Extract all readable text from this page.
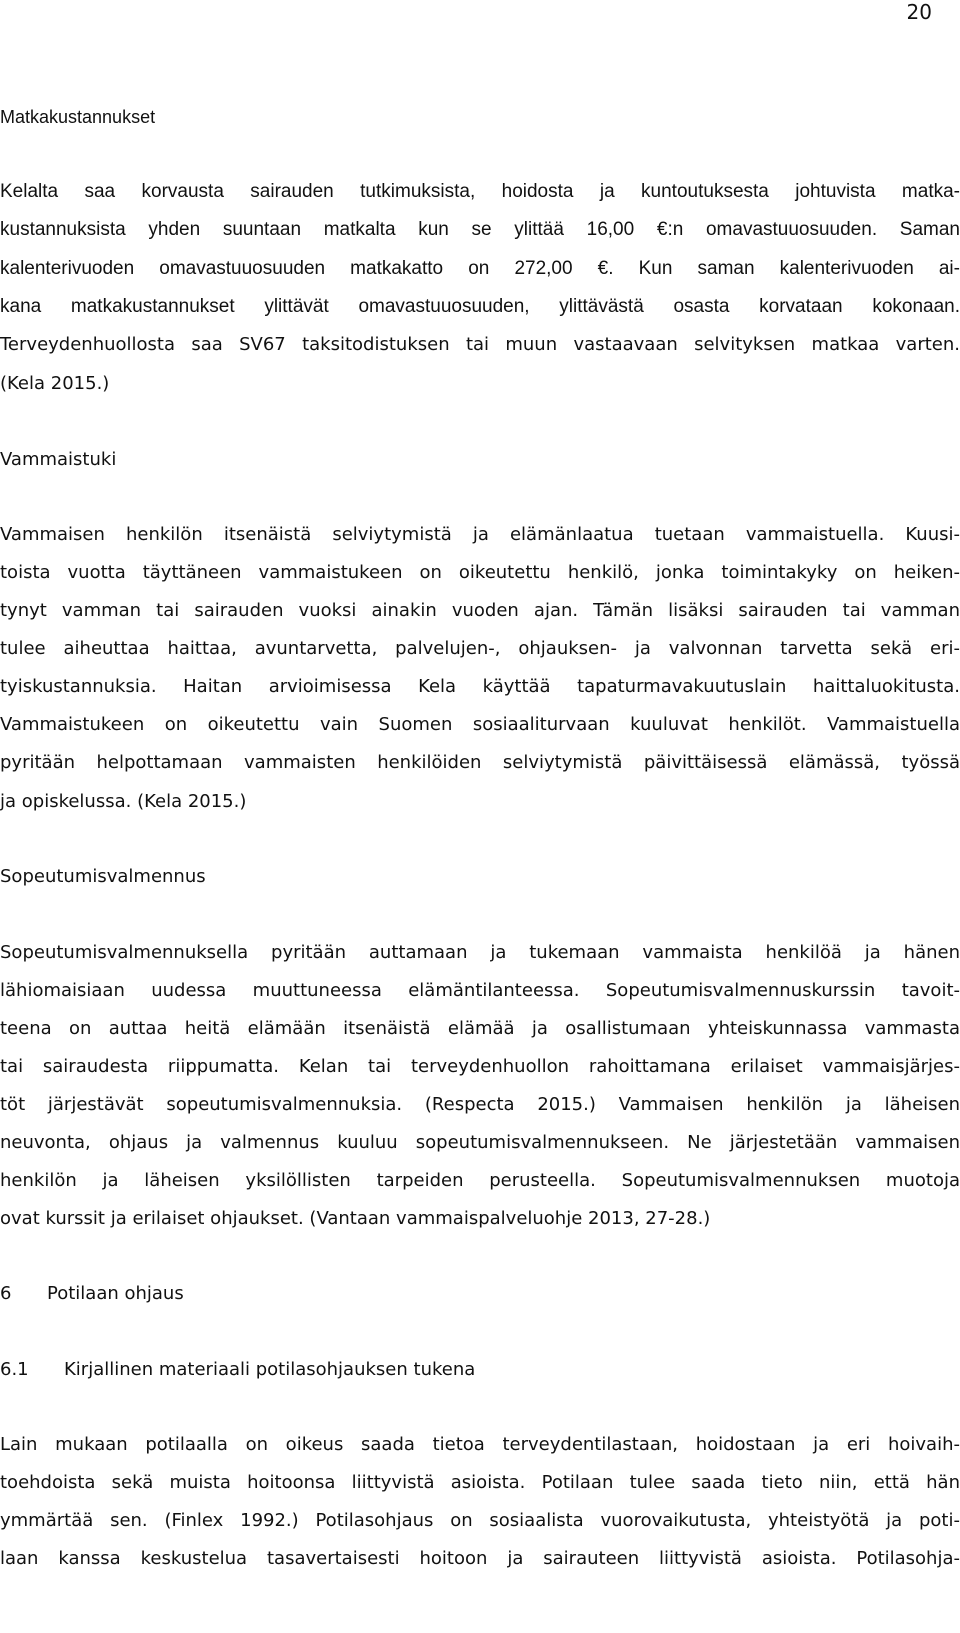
20
Matkakustannukset
Kelalta saa korvausta sairauden tutkimuksista, hoidosta ja kuntoutuksesta johtuvista matka-
kustannuksista yhden suuntaan matkalta kun se ylittää 16,00 €:n omavastuuosuuden. Saman
kalenterivuoden omavastuuosuuden matkakatto on 272,00 €. Kun saman kalenterivuoden ai-
kana matkakustannukset ylittävät omavastuuosuuden, ylittävästä osasta korvataan kokonaan.
Terveydenhuollosta saa SV67 taksitodistuksen tai muun vastaavaan selvityksen matkaa varten.
(Kela 2015.)
Vammaistuki
Vammaisen henkilön itsenäistä selviytymistä ja elämänlaatua tuetaan vammaistuella. Kuusi-
toista vuotta täyttäneen vammaistukeen on oikeutettu henkilö, jonka toimintakyky on heiken-
tynyt vamman tai sairauden vuoksi ainakin vuoden ajan. Tämän lisäksi sairauden tai vamman
tulee aiheuttaa haittaa, avuntarvetta, palvelujen-, ohjauksen- ja valvonnan tarvetta sekä eri-
tyiskustannuksia. Haitan arvioimisessa Kela käyttää tapaturmavakuutuslain haittaluokitusta.
Vammaistukeen on oikeutettu vain Suomen sosiaaliturvaan kuuluvat henkilöt. Vammaistuella
pyritään helpottamaan vammaisten henkilöiden selviytymistä päivittäisessä elämässä, työssä
ja opiskelussa. (Kela 2015.)
Sopeutumisvalmennus
Sopeutumisvalmennuksella pyritään auttamaan ja tukemaan vammaista henkilöä ja hänen
lähiomaisiaan uudessa muuttuneessa elämäntilanteessa. Sopeutumisvalmennuskurssin tavoit-
teena on auttaa heitä elämään itsenäistä elämää ja osallistumaan yhteiskunnassa vammasta
tai sairaudesta riippumatta. Kelan tai terveydenhuollon rahoittamana erilaiset vammaisjärjes-
töt järjestävät sopeutumisvalmennuksia. (Respecta 2015.) Vammaisen henkilön ja läheisen
neuvonta, ohjaus ja valmennus kuuluu sopeutumisvalmennukseen. Ne järjestetään vammaisen
henkilön ja läheisen yksilöllisten tarpeiden perusteella. Sopeutumisvalmennuksen muotoja
ovat kurssit ja erilaiset ohjaukset. (Vantaan vammaispalveluohje 2013, 27-28.)
6 Potilaan ohjaus
6.1 Kirjallinen materiaali potilasohjauksen tukena
Lain mukaan potilaalla on oikeus saada tietoa terveydentilastaan, hoidostaan ja eri hoivaih-
toehdoista sekä muista hoitoonsa liittyvistä asioista. Potilaan tulee saada tieto niin, että hän
ymmärtää sen. (Finlex 1992.) Potilasohjaus on sosiaalista vuorovaikutusta, yhteistyötä ja poti-
laan kanssa keskustelua tasavertaisesti hoitoon ja sairauteen liittyvistä asioista. Potilasohja-
